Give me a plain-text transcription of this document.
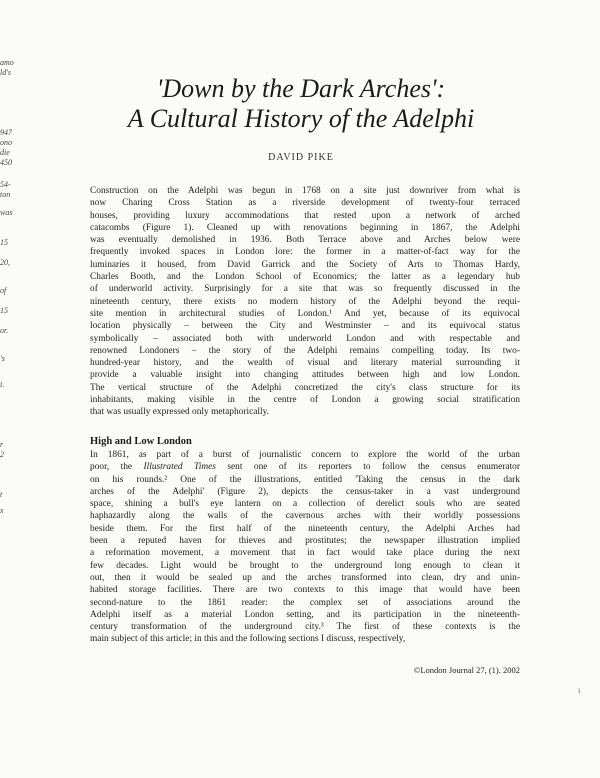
amo
ld's
947
ono
die
450
54-
ton
was
15
20,
of
15
or.
's
i.
r
2
t
x
'Down by the Dark Arches':
A Cultural History of the Adelphi
DAVID PIKE
Construction on the Adelphi was begun in 1768 on a site just downriver from what is
now Charing Cross Station as a riverside development of twenty-four terraced
houses, providing luxury accommodations that rested upon a network of arched
catacombs (Figure 1). Cleaned up with renovations beginning in 1867, the Adelphi
was eventually demolished in 1936. Both Terrace above and Arches below were
frequently invoked spaces in London lore: the former in a matter-of-fact way for the
luminaries it housed, from David Garrick and the Society of Arts to Thomas Hardy,
Charles Booth, and the London School of Economics; the latter as a legendary hub
of underworld activity. Surprisingly for a site that was so frequently discussed in the
nineteenth century, there exists no modern history of the Adelphi beyond the requi-
site mention in architectural studies of London.¹ And yet, because of its equivocal
location physically – between the City and Westminster – and its equivocal status
symbolically – associated both with underworld London and with respectable and
renowned Londoners – the story of the Adelphi remains compelling today. Its two-
hundred-year history, and the wealth of visual and literary material surrounding it
provide a valuable insight into changing attitudes between high and low London.
The vertical structure of the Adelphi concretized the city's class structure for its
inhabitants, making visible in the centre of London a growing social stratification
that was usually expressed only metaphorically.
High and Low London
In 1861, as part of a burst of journalistic concern to explore the world of the urban
poor, the Illustrated Times sent one of its reporters to follow the census enumerator
on his rounds.² One of the illustrations, entitled 'Taking the census in the dark
arches of the Adelphi' (Figure 2), depicts the census-taker in a vast underground
space, shining a bull's eye lantern on a collection of derelict souls who are seated
haphazardly along the walls of the cavernous arches with their worldly possessions
beside them. For the first half of the nineteenth century, the Adelphi Arches had
been a reputed haven for thieves and prostitutes; the newspaper illustration implied
a reformation movement, a movement that in fact would take place during the next
few decades. Light would be brought to the underground long enough to clean it
out, then it would be sealed up and the arches transformed into clean, dry and unin-
habited storage facilities. There are two contexts to this image that would have been
second-nature to the 1861 reader: the complex set of associations around the
Adelphi itself as a material London setting, and its participation in the nineteenth-
century transformation of the underground city.³ The first of these contexts is the
main subject of this article; in this and the following sections I discuss, respectively,
©London Journal 27, (1). 2002
ι
